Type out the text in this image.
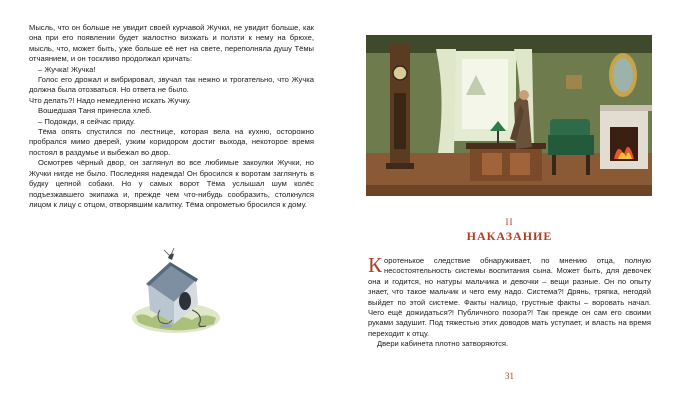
Мысль, что он больше не увидит своей курчавой Жучки, не увидит больше, как она при его появлении будет жалостно визжать и ползти к нему на брюхе, мысль, что, может быть, уже больше её нет на свете, переполняла душу Тёмы отчаянием, и он тоскливо продолжал кричать:

– Жучка! Жучка!

Голос его дрожал и вибрировал, звучал так нежно и трогательно, что Жучка должна была отозваться. Но ответа не было.

Что делать?! Надо немедленно искать Жучку.

Вошедшая Таня принесла хлеб.

– Подожди, я сейчас приду.

Тёма опять спустился по лестнице, которая вела на кухню, осторожно пробрался мимо дверей, узким коридором достиг выхода, некоторое время постоял в раздумье и выбежал во двор.

Осмотрев чёрный двор, он заглянул во все любимые закоулки Жучки, но Жучки нигде не было. Последняя надежда! Он бросился к воротам заглянуть в будку цепной собаки. Но у самых ворот Тёма услышал шум колёс подъезжавшего экипажа и, прежде чем что-нибудь сообразить, столкнулся лицом к лицу с отцом, отворявшим калитку. Тёма опрометью бросился к дому.

II
НАКАЗАНИЕ

Коротенькое следствие обнаруживает, по мнению отца, полную несостоятельность системы воспитания сына. Может быть, для девочек она и годится, но натуры мальчика и девочки – вещи разные. Он по опыту знает, что такое мальчик и чего ему надо. Система?! Дрянь, тряпка, негодяй выйдет по этой системе. Факты налицо, грустные факты – воровать начал. Чего ещё дожидаться?! Публичного позора?! Так прежде он сам его своими руками задушит. Под тяжестью этих доводов мать уступает, и власть на время переходит к отцу.

Двери кабинета плотно затворяются.

31
